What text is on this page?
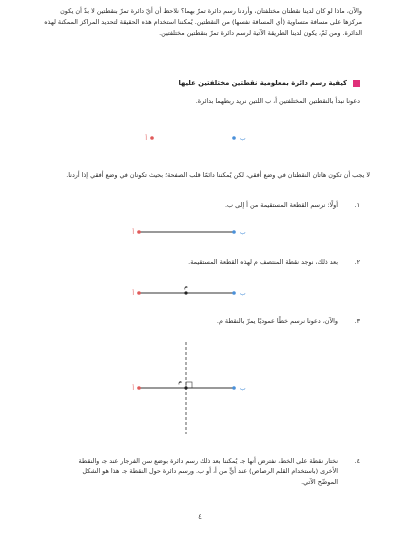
والآن، ماذا لو كان لدينا نقطتان مختلفتان، وأردنا رسم دائرة تمرّ بهما؟ نلاحظ أن أيّ دائرة تمرّ بنقطتين لا بدّ أن يكون

مركزها على مسافة متساوية (أي المسافة نفسها) من النقطتين. يُمكننا استخدام هذه الحقيقة لتحديد المراكز الممكنة لهذه

الدائرة. ومن ثَمّ، يكون لدينا الطريقة الآتية لرسم دائرة تمرّ بنقطتين مختلفتين.

كيفية رسم دائرة بمعلومية نقطتين مختلفتين عليها

دعونا نبدأ بالنقطتين المختلفتين أ، ب اللتين نريد ربطهما بدائرة.

أ	ب

لا يجب أن تكون هاتان النقطتان في وضع أفقي، لكن يُمكننا دائمًا قلب الصفحة؛ بحيث تكونان في وضع أفقي إذا أردنا.

١.
أولًا: نرسم القطعة المستقيمة من أ إلى ب.
أ	ب
٢.
بعد ذلك، نوجد نقطة المنتصف م لهذه القطعة المستقيمة.
أ
م
ب
٣.
والآن، دعونا نرسم خطًا عموديًا يمرّ بالنقطة م.
أ
م
ب
٤.
نختار نقطة على الخط، نفترض أنها ﺟ. يُمكننا بعد ذلك رسم دائرة بوضع سن الفرجار عند ﺟ، والنقطة
الأخرى (باستخدام القلم الرصاص) عند أيٍّ من أ، أو ب. ورسم دائرة حول النقطة ﺟ. هذا هو الشكل
الموضّح الآتي.
٤
